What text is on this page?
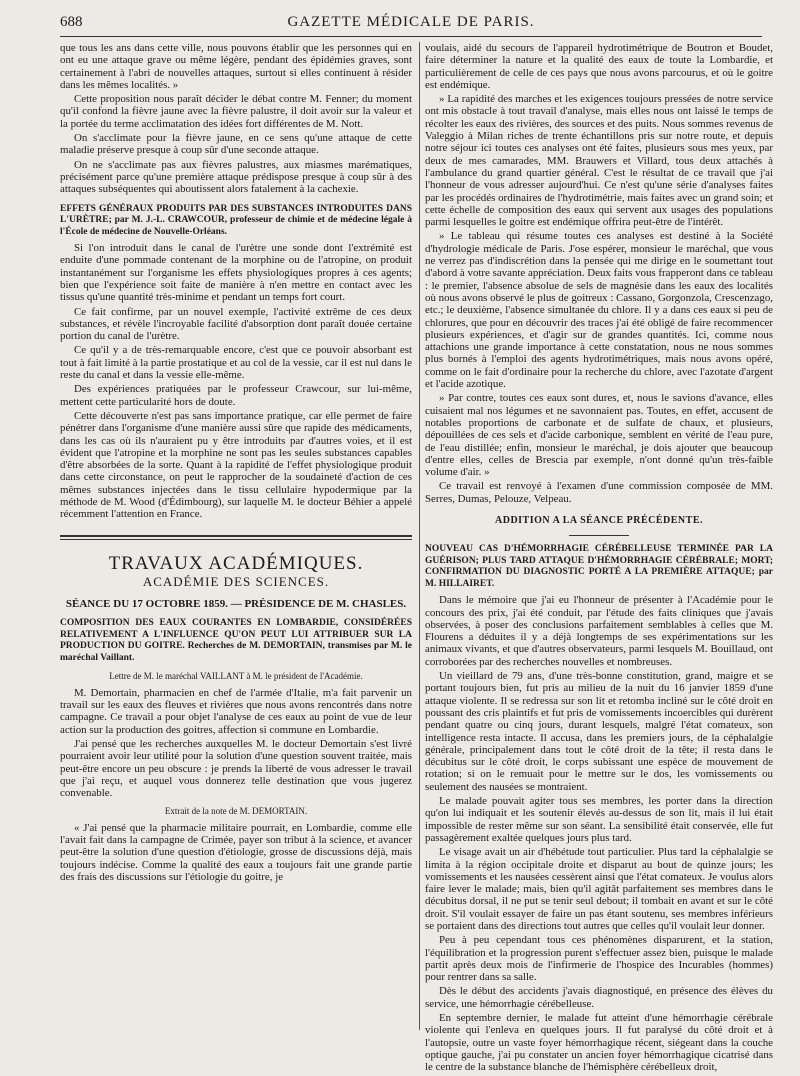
688	GAZETTE MÉDICALE DE PARIS.

que tous les ans dans cette ville, nous pouvons établir que les personnes qui en ont eu une attaque grave ou même légère, pendant des épidémies graves, sont certainement à l'abri de nouvelles attaques, surtout si elles continuent à résider dans les mêmes localités. »

Cette proposition nous paraît décider le débat contre M. Fenner; du moment qu'il confond la fièvre jaune avec la fièvre palustre, il doit avoir sur la valeur et la portée du terme acclimatation des idées fort différentes de M. Nott.

On s'acclimate pour la fièvre jaune, en ce sens qu'une attaque de cette maladie préserve presque à coup sûr d'une seconde attaque.

On ne s'acclimate pas aux fièvres palustres, aux miasmes marématiques, précisément parce qu'une première attaque prédispose presque à coup sûr à des attaques subséquentes qui aboutissent alors fatalement à la cachexie.

EFFETS GÉNÉRAUX PRODUITS PAR DES SUBSTANCES INTRODUITES DANS L'URÈTRE; par M. J.-L. CRAWCOUR, professeur de chimie et de médecine légale à l'École de médecine de Nouvelle-Orléans.

Si l'on introduit dans le canal de l'urètre une sonde dont l'extrémité est enduite d'une pommade contenant de la morphine ou de l'atropine, on produit instantanément sur l'organisme les effets physiologiques propres à ces agents; bien que l'expérience soit faite de manière à n'en mettre en contact avec les tissus qu'une quantité très-minime et pendant un temps fort court.

Ce fait confirme, par un nouvel exemple, l'activité extrême de ces deux substances, et révèle l'incroyable facilité d'absorption dont paraît douée certaine portion du canal de l'urètre.

Ce qu'il y a de très-remarquable encore, c'est que ce pouvoir absorbant est tout à fait limité à la partie prostatique et au col de la vessie, car il est nul dans le reste du canal et dans la vessie elle-même.

Des expériences pratiquées par le professeur Crawcour, sur lui-même, mettent cette particularité hors de doute.

Cette découverte n'est pas sans importance pratique, car elle permet de faire pénétrer dans l'organisme d'une manière aussi sûre que rapide des médicaments, dans les cas où ils n'auraient pu y être introduits par d'autres voies, et il est évident que l'atropine et la morphine ne sont pas les seules substances capables d'être absorbées de la sorte. Quant à la rapidité de l'effet physiologique produit dans cette circonstance, on peut le rapprocher de la soudaineté d'action de ces mêmes substances injectées dans le tissu cellulaire hypodermique par la méthode de M. Wood (d'Édimbourg), sur laquelle M. le docteur Béhier a appelé récemment l'attention en France.

TRAVAUX ACADÉMIQUES.

ACADÉMIE DES SCIENCES.

SÉANCE DU 17 OCTOBRE 1859. — PRÉSIDENCE DE M. CHASLES.

COMPOSITION DES EAUX COURANTES EN LOMBARDIE, CONSIDÉRÉES RELATIVEMENT A L'INFLUENCE QU'ON PEUT LUI ATTRIBUER SUR LA PRODUCTION DU GOITRE. Recherches de M. DEMORTAIN, transmises par M. le maréchal Vaillant.

Lettre de M. le maréchal VAILLANT à M. le président de l'Académie.

M. Demortain, pharmacien en chef de l'armée d'Italie, m'a fait parvenir un travail sur les eaux des fleuves et rivières que nous avons rencontrés dans notre campagne. Ce travail a pour objet l'analyse de ces eaux au point de vue de leur action sur la production des goitres, affection si commune en Lombardie.

J'ai pensé que les recherches auxquelles M. le docteur Demortain s'est livré pourraient avoir leur utilité pour la solution d'une question souvent traitée, mais peut-être encore un peu obscure : je prends la liberté de vous adresser le travail que j'ai reçu, et auquel vous donnerez telle destination que vous jugerez convenable.

Extrait de la note de M. DEMORTAIN.

« J'ai pensé que la pharmacie militaire pourrait, en Lombardie, comme elle l'avait fait dans la campagne de Crimée, payer son tribut à la science, et avancer peut-être la solution d'une question d'étiologie, grosse de discussions déjà, mais toujours indécise. Comme la qualité des eaux a toujours fait une grande partie des frais des discussions sur l'étiologie du goitre, je

voulais, aidé du secours de l'appareil hydrotimétrique de Boutron et Boudet, faire déterminer la nature et la qualité des eaux de toute la Lombardie, et particulièrement de celle de ces pays que nous avons parcourus, et où le goitre est endémique.

» La rapidité des marches et les exigences toujours pressées de notre service ont mis obstacle à tout travail d'analyse, mais elles nous ont laissé le temps de récolter les eaux des rivières, des sources et des puits. Nous sommes revenus de Valeggio à Milan riches de trente échantillons pris sur notre route, et depuis notre séjour ici toutes ces analyses ont été faites, plusieurs sous mes yeux, par deux de mes camarades, MM. Brauwers et Villard, tous deux attachés à l'ambulance du grand quartier général. C'est le résultat de ce travail que j'ai l'honneur de vous adresser aujourd'hui. Ce n'est qu'une série d'analyses faites par les procédés ordinaires de l'hydrotimétrie, mais faites avec un grand soin; et cette échelle de composition des eaux qui servent aux usages des populations parmi lesquelles le goitre est endémique offrira peut-être de l'intérêt.

» Le tableau qui résume toutes ces analyses est destiné à la Société d'hydrologie médicale de Paris. J'ose espérer, monsieur le maréchal, que vous ne verrez pas d'indiscrétion dans la pensée qui me dirige en le soumettant tout d'abord à votre savante appréciation. Deux faits vous frapperont dans ce tableau : le premier, l'absence absolue de sels de magnésie dans les eaux des localités où nous avons observé le plus de goitreux : Cassano, Gorgonzola, Crescenzago, etc.; le deuxième, l'absence simultanée du chlore. Il y a dans ces eaux si peu de chlorures, que pour en découvrir des traces j'ai été obligé de faire recommencer plusieurs expériences, et d'agir sur de grandes quantités. Ici, comme nous attachions une grande importance à cette constatation, nous ne nous sommes plus bornés à l'emploi des agents hydrotimétriques, mais nous avons opéré, comme on le fait d'ordinaire pour la recherche du chlore, avec l'azotate d'argent et l'acide azotique.

» Par contre, toutes ces eaux sont dures, et, nous le savions d'avance, elles cuisaient mal nos légumes et ne savonnaient pas. Toutes, en effet, accusent de notables proportions de carbonate et de sulfate de chaux, et plusieurs, dépouillées de ces sels et d'acide carbonique, semblent en vérité de l'eau pure, de l'eau distillée; enfin, monsieur le maréchal, je dois ajouter que beaucoup d'entre elles, celles de Brescia par exemple, n'ont donné qu'un très-faible volume d'air. »

Ce travail est renvoyé à l'examen d'une commission composée de MM. Serres, Dumas, Pelouze, Velpeau.

ADDITION A LA SÉANCE PRÉCÉDENTE.

NOUVEAU CAS D'HÉMORRHAGIE CÉRÉBELLEUSE TERMINÉE PAR LA GUÉRISON; PLUS TARD ATTAQUE D'HÉMORRHAGIE CÉRÉBRALE; MORT; CONFIRMATION DU DIAGNOSTIC PORTÉ A LA PREMIÈRE ATTAQUE; par M. HILLAIRET.

Dans le mémoire que j'ai eu l'honneur de présenter à l'Académie pour le concours des prix, j'ai été conduit, par l'étude des faits cliniques que j'avais observées, à poser des conclusions parfaitement semblables à celles que M. Flourens a déduites il y a déjà longtemps de ses expérimentations sur les animaux vivants, et que d'autres observateurs, parmi lesquels M. Bouillaud, ont corroborées par des recherches nouvelles et nombreuses.

Un vieillard de 79 ans, d'une très-bonne constitution, grand, maigre et se portant toujours bien, fut pris au milieu de la nuit du 16 janvier 1859 d'une attaque violente. Il se redressa sur son lit et retomba incliné sur le côté droit en poussant des cris plaintifs et fut pris de vomissements incoercibles qui durèrent pendant quatre ou cinq jours, durant lesquels, malgré l'état comateux, son intelligence resta intacte. Il accusa, dans les premiers jours, de la céphalalgie générale, principalement dans tout le côté droit de la tête; il resta dans le décubitus sur le côté droit, le corps subissant une espèce de mouvement de rotation; si on le remuait pour le mettre sur le dos, les vomissements ou seulement des nausées se montraient.

Le malade pouvait agiter tous ses membres, les porter dans la direction qu'on lui indiquait et les soutenir élevés au-dessus de son lit, mais il lui était impossible de rester même sur son séant. La sensibilité était conservée, elle fut passagèrement exaltée quelques jours plus tard.

Le visage avait un air d'hébétude tout particulier. Plus tard la céphalalgie se limita à la région occipitale droite et disparut au bout de quinze jours; les vomissements et les nausées cessèrent ainsi que l'état comateux. Je voulus alors faire lever le malade; mais, bien qu'il agitât parfaitement ses membres dans le décubitus dorsal, il ne put se tenir seul debout; il tombait en avant et sur le côté droit. S'il voulait essayer de faire un pas étant soutenu, ses membres inférieurs se portaient dans des directions tout autres que celles qu'il voulait leur donner.

Peu à peu cependant tous ces phénomènes disparurent, et la station, l'équilibration et la progression purent s'effectuer assez bien, puisque le malade partit après deux mois de l'infirmerie de l'hospice des Incurables (hommes) pour rentrer dans sa salle.

Dès le début des accidents j'avais diagnostiqué, en présence des élèves du service, une hémorrhagie cérébelleuse.

En septembre dernier, le malade fut atteint d'une hémorrhagie cérébrale violente qui l'enleva en quelques jours. Il fut paralysé du côté droit et à l'autopsie, outre un vaste foyer hémorrhagique récent, siégeant dans la couche optique gauche, j'ai pu constater un ancien foyer hémorrhagique cicatrisé dans le centre de la substance blanche de l'hémisphère cérébelleux droit,
